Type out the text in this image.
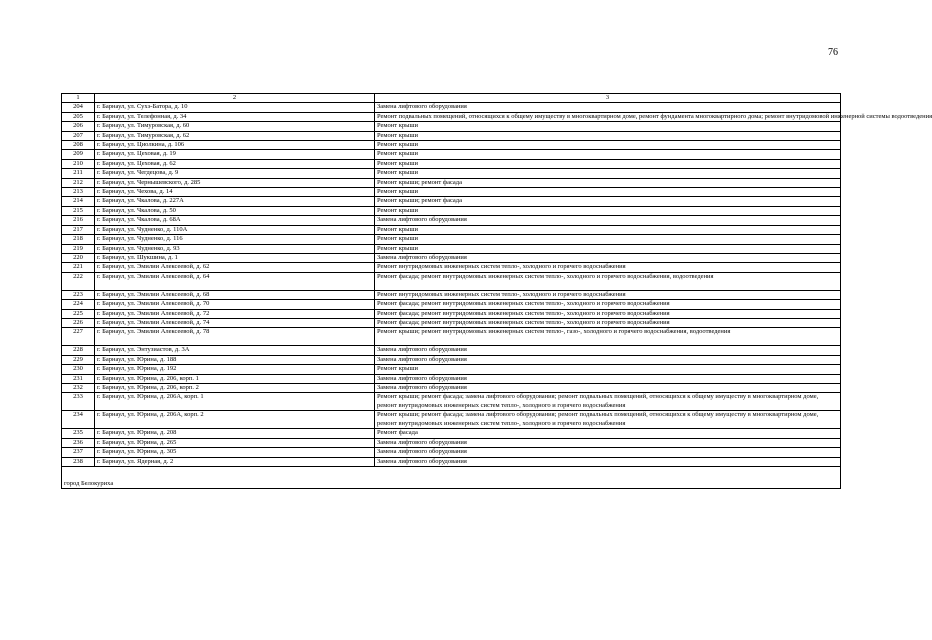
76
1	2	3
204	г. Барнаул, ул. Сухэ-Батора, д. 10	Замена лифтового оборудования
205	г. Барнаул, ул. Телефонная, д. 34	Ремонт подвальных помещений, относящихся к общему имуществу в многоквартирном доме, ремонт фундамента многоквартирного дома; ремонт внутридомовой инженерной системы водоотведения
206	г. Барнаул, ул. Тимуровская, д. 60	Ремонт крыши
207	г. Барнаул, ул. Тимуровская, д. 62	Ремонт крыши
208	г. Барнаул, ул. Циолкина, д. 106	Ремонт крыши
209	г. Барнаул, ул. Цеховая, д. 19	Ремонт крыши
210	г. Барнаул, ул. Цеховая, д. 62	Ремонт крыши
211	г. Барнаул, ул. Чегдецова, д. 9	Ремонт крыши
212	г. Барнаул, ул. Чернышевского, д. 285	Ремонт крыши; ремонт фасада
213	г. Барнаул, ул. Чехова, д. 14	Ремонт крыши
214	г. Барнаул, ул. Чкалова, д. 227А	Ремонт крыши; ремонт фасада
215	г. Барнаул, ул. Чкалова, д. 50	Ремонт крыши
216	г. Барнаул, ул. Чкалова, д. 68А	Замена лифтового оборудования
217	г. Барнаул, ул. Чудненко, д. 110А	Ремонт крыши
218	г. Барнаул, ул. Чудненко, д. 116	Ремонт крыши
219	г. Барнаул, ул. Чудненко, д. 93	Ремонт крыши
220	г. Барнаул, ул. Шукшина, д. 1	Замена лифтового оборудования
221	г. Барнаул, ул. Эмилии Алексеевой, д. 62	Ремонт внутридомовых инженерных систем тепло-, холодного и горячего водоснабжения
222	г. Барнаул, ул. Эмилии Алексеевой, д. 64	Ремонт фасада; ремонт внутридомовых инженерных систем тепло-, холодного и горячего водоснабжения, водоотведения
223	г. Барнаул, ул. Эмилии Алексеевой, д. 68	Ремонт внутридомовых инженерных систем тепло-, холодного и горячего водоснабжения
224	г. Барнаул, ул. Эмилии Алексеевой, д. 70	Ремонт фасада; ремонт внутридомовых инженерных систем тепло-, холодного и горячего водоснабжения
225	г. Барнаул, ул. Эмилии Алексеевой, д. 72	Ремонт фасада; ремонт внутридомовых инженерных систем тепло-, холодного и горячего водоснабжения
226	г. Барнаул, ул. Эмилии Алексеевой, д. 74	Ремонт фасада; ремонт внутридомовых инженерных систем тепло-, холодного и горячего водоснабжения
227	г. Барнаул, ул. Эмилии Алексеевой, д. 78	Ремонт крыши; ремонт внутридомовых инженерных систем тепло-, газо-, холодного и горячего водоснабжения, водоотведения
228	г. Барнаул, ул. Энтузиастов, д. 3А	Замена лифтового оборудования
229	г. Барнаул, ул. Юрина, д. 188	Замена лифтового оборудования
230	г. Барнаул, ул. Юрина, д. 192	Ремонт крыши
231	г. Барнаул, ул. Юрина, д. 206, корп. 1	Замена лифтового оборудования
232	г. Барнаул, ул. Юрина, д. 206, корп. 2	Замена лифтового оборудования
233	г. Барнаул, ул. Юрина, д. 206А, корп. 1	Ремонт крыши; ремонт фасада; замена лифтового оборудования; ремонт подвальных помещений, относящихся к общему имуществу в многоквартирном доме, ремонт внутридомовых инженерных систем тепло-, холодного и горячего водоснабжения
234	г. Барнаул, ул. Юрина, д. 206А, корп. 2	Ремонт крыши; ремонт фасада; замена лифтового оборудования; ремонт подвальных помещений, относящихся к общему имуществу в многоквартирном доме, ремонт внутридомовых инженерных систем тепло-, холодного и горячего водоснабжения
235	г. Барнаул, ул. Юрина, д. 208	Ремонт фасада
236	г. Барнаул, ул. Юрина, д. 265	Замена лифтового оборудования
237	г. Барнаул, ул. Юрина, д. 305	Замена лифтового оборудования
238	г. Барнаул, ул. Ядерная, д. 2	Замена лифтового оборудования
город Белокуриха		
